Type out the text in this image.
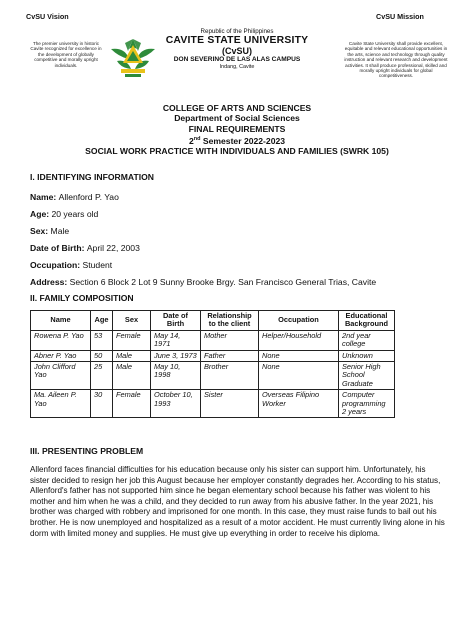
CvSU Vision
The premier university in historic Cavite recognized for excellence in the development of globally competitive and morally upright individuals.
CvSU Mission
Cavite State University shall provide excellent, equitable and relevant educational opportunities in the arts, science and technology through quality instruction and relevant research and development activities. It shall produce professional, skilled and morally upright individuals for global competitiveness.
Republic of the Philippines
CAVITE STATE UNIVERSITY
(CvSU)
DON SEVERINO DE LAS ALAS CAMPUS
Indang, Cavite
COLLEGE OF ARTS AND SCIENCES
Department of Social Sciences
FINAL REQUIREMENTS
2nd Semester 2022-2023
SOCIAL WORK PRACTICE WITH INDIVIDUALS AND FAMILIES (SWRK 105)
I. IDENTIFYING INFORMATION
Name: Allenford P. Yao
Age: 20 years old
Sex: Male
Date of Birth: April 22, 2003
Occupation: Student
Address: Section 6 Block 2 Lot 9 Sunny Brooke Brgy. San Francisco General Trias, Cavite
II. FAMILY COMPOSITION
Name	Age	Sex	Date of Birth	Relationship to the client	Occupation	Educational Background
Rowena P. Yao	53	Female	May 14, 1971	Mother	Helper/Household	2nd year college
Abner P. Yao	50	Male	June 3, 1973	Father	None	Unknown
John Clifford Yao	25	Male	May 10, 1998	Brother	None	Senior High School Graduate
Ma. Aileen P. Yao	30	Female	October 10, 1993	Sister	Overseas Filipino Worker	Computer programming 2 years
III. PRESENTING PROBLEM
Allenford faces financial difficulties for his education because only his sister can support him. Unfortunately, his sister decided to resign her job this August because her employer constantly degrades her. According to his status, Allenford's father has not supported him since he began elementary school because his father was violent to his mother and him when he was a child, and they decided to run away from his abusive father. In the year 2021, his brother was charged with robbery and imprisoned for one month. In this case, they must raise funds to bail out his brother. He is now unemployed and hospitalized as a result of a motor accident. He must currently living alone in his dorm with limited money and supplies. He must give up everything in order to receive his diploma.
